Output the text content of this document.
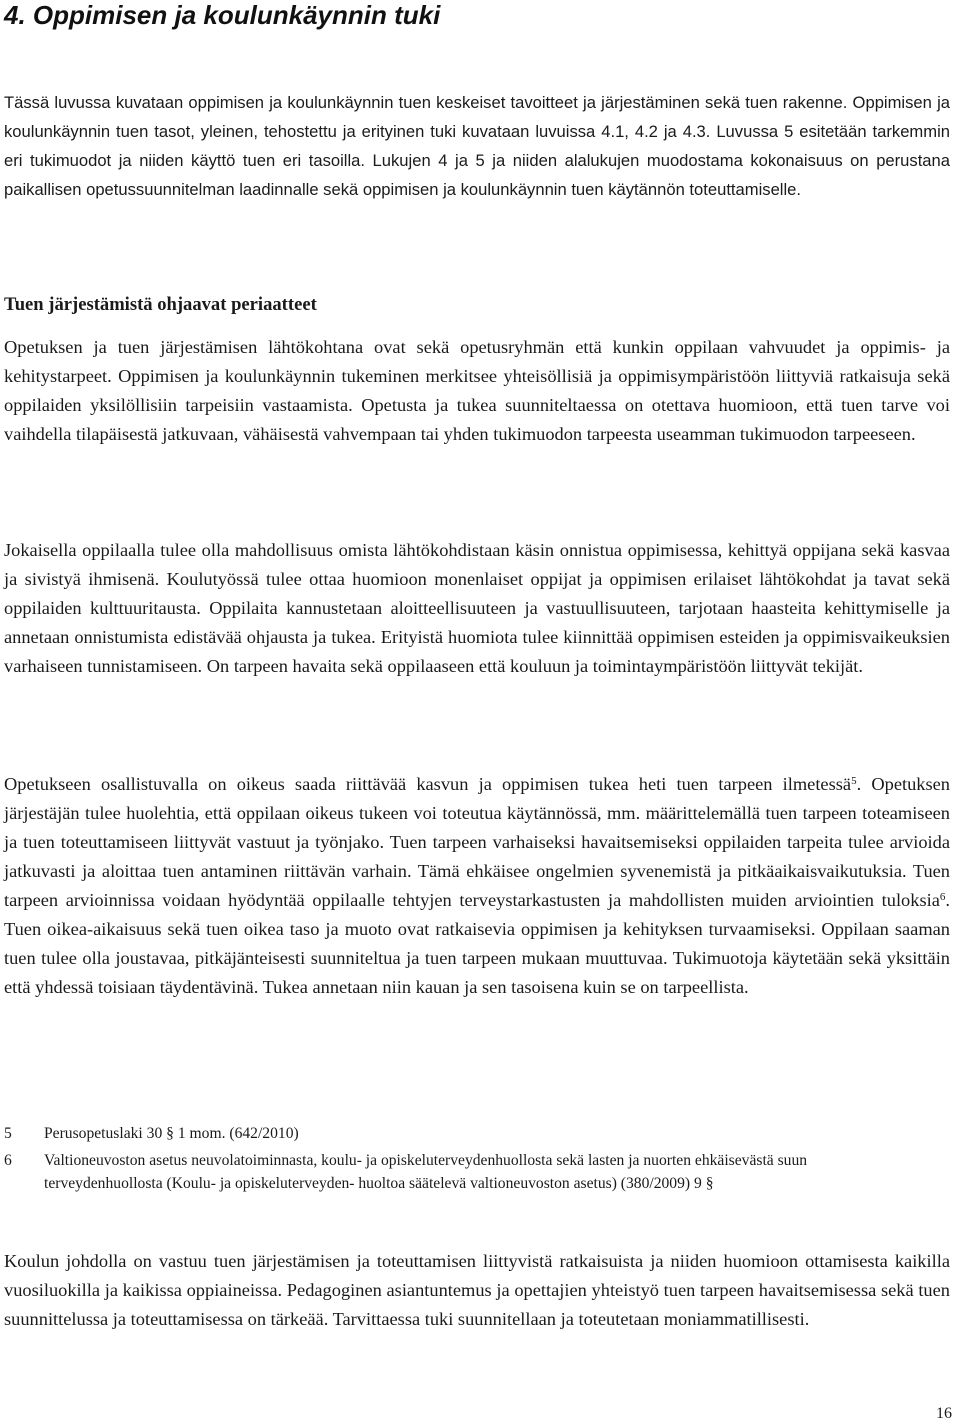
4. Oppimisen ja koulunkäynnin tuki

Tässä luvussa kuvataan oppimisen ja koulunkäynnin tuen keskeiset tavoitteet ja järjestäminen sekä tuen rakenne. Oppimisen ja koulunkäynnin tuen tasot, yleinen, tehostettu ja erityinen tuki kuvataan luvuissa 4.1, 4.2 ja 4.3. Luvussa 5 esitetään tarkemmin eri tukimuodot ja niiden käyttö tuen eri tasoilla. Lukujen 4 ja 5 ja niiden alalukujen muodostama kokonaisuus on perustana paikallisen opetussuunnitelman laadinnalle sekä oppimisen ja koulunkäynnin tuen käytännön toteuttamiselle.

Tuen järjestämistä ohjaavat periaatteet

Opetuksen ja tuen järjestämisen lähtökohtana ovat sekä opetusryhmän että kunkin oppilaan vahvuudet ja oppimis- ja kehitystarpeet. Oppimisen ja koulunkäynnin tukeminen merkitsee yhteisöllisiä ja oppimisympäristöön liittyviä ratkaisuja sekä oppilaiden yksilöllisiin tarpeisiin vastaamista. Opetusta ja tukea suunniteltaessa on otettava huomioon, että tuen tarve voi vaihdella tilapäisestä jatkuvaan, vähäisestä vahvempaan tai yhden tukimuodon tarpeesta useamman tukimuodon tarpeeseen.

Jokaisella oppilaalla tulee olla mahdollisuus omista lähtökohdistaan käsin onnistua oppimisessa, kehittyä oppijana sekä kasvaa ja sivistyä ihmisenä. Koulutyössä tulee ottaa huomioon monenlaiset oppijat ja oppimisen erilaiset lähtökohdat ja tavat sekä oppilaiden kulttuuritausta. Oppilaita kannustetaan aloitteellisuuteen ja vastuullisuuteen, tarjotaan haasteita kehittymiselle ja annetaan onnistumista edistävää ohjausta ja tukea. Erityistä huomiota tulee kiinnittää oppimisen esteiden ja oppimisvaikeuksien varhaiseen tunnistamiseen. On tarpeen havaita sekä oppilaaseen että kouluun ja toimintaympäristöön liittyvät tekijät.

Opetukseen osallistuvalla on oikeus saada riittävää kasvun ja oppimisen tukea heti tuen tarpeen ilmetessä$^5$. Opetuksen järjestäjän tulee huolehtia, että oppilaan oikeus tukeen voi toteutua käytännössä, mm. määrittelemällä tuen tarpeen toteamiseen ja tuen toteuttamiseen liittyvät vastuut ja työnjako. Tuen tarpeen varhaiseksi havaitsemiseksi oppilaiden tarpeita tulee arvioida jatkuvasti ja aloittaa tuen antaminen riittävän varhain. Tämä ehkäisee ongelmien syvenemistä ja pitkäaikaisvaikutuksia. Tuen tarpeen arvioinnissa voidaan hyödyntää oppilaalle tehtyjen terveystarkastusten ja mahdollisten muiden arviointien tuloksia$^6$. Tuen oikea-aikaisuus sekä tuen oikea taso ja muoto ovat ratkaisevia oppimisen ja kehityksen turvaamiseksi. Oppilaan saaman tuen tulee olla joustavaa, pitkäjänteisesti suunniteltua ja tuen tarpeen mukaan muuttuvaa. Tukimuotoja käytetään sekä yksittäin että yhdessä toisiaan täydentävinä. Tukea annetaan niin kauan ja sen tasoisena kuin se on tarpeellista.

5 Perusopetuslaki 30 § 1 mom. (642/2010)
6 Valtioneuvoston asetus neuvolatoiminnasta, koulu- ja opiskeluterveydenhuollosta sekä lasten ja nuorten ehkäisevästä suun terveydenhuollosta (Koulu- ja opiskeluterveyden- huoltoa säätelevä valtioneuvoston asetus) (380/2009) 9 §

Koulun johdolla on vastuu tuen järjestämisen ja toteuttamisen liittyvistä ratkaisuista ja niiden huomioon ottamisesta kaikilla vuosiluokilla ja kaikissa oppiaineissa. Pedagoginen asiantuntemus ja opettajien yhteistyö tuen tarpeen havaitsemisessa sekä tuen suunnittelussa ja toteuttamisessa on tärkeää. Tarvittaessa tuki suunnitellaan ja toteutetaan moniammatillisesti.

16
